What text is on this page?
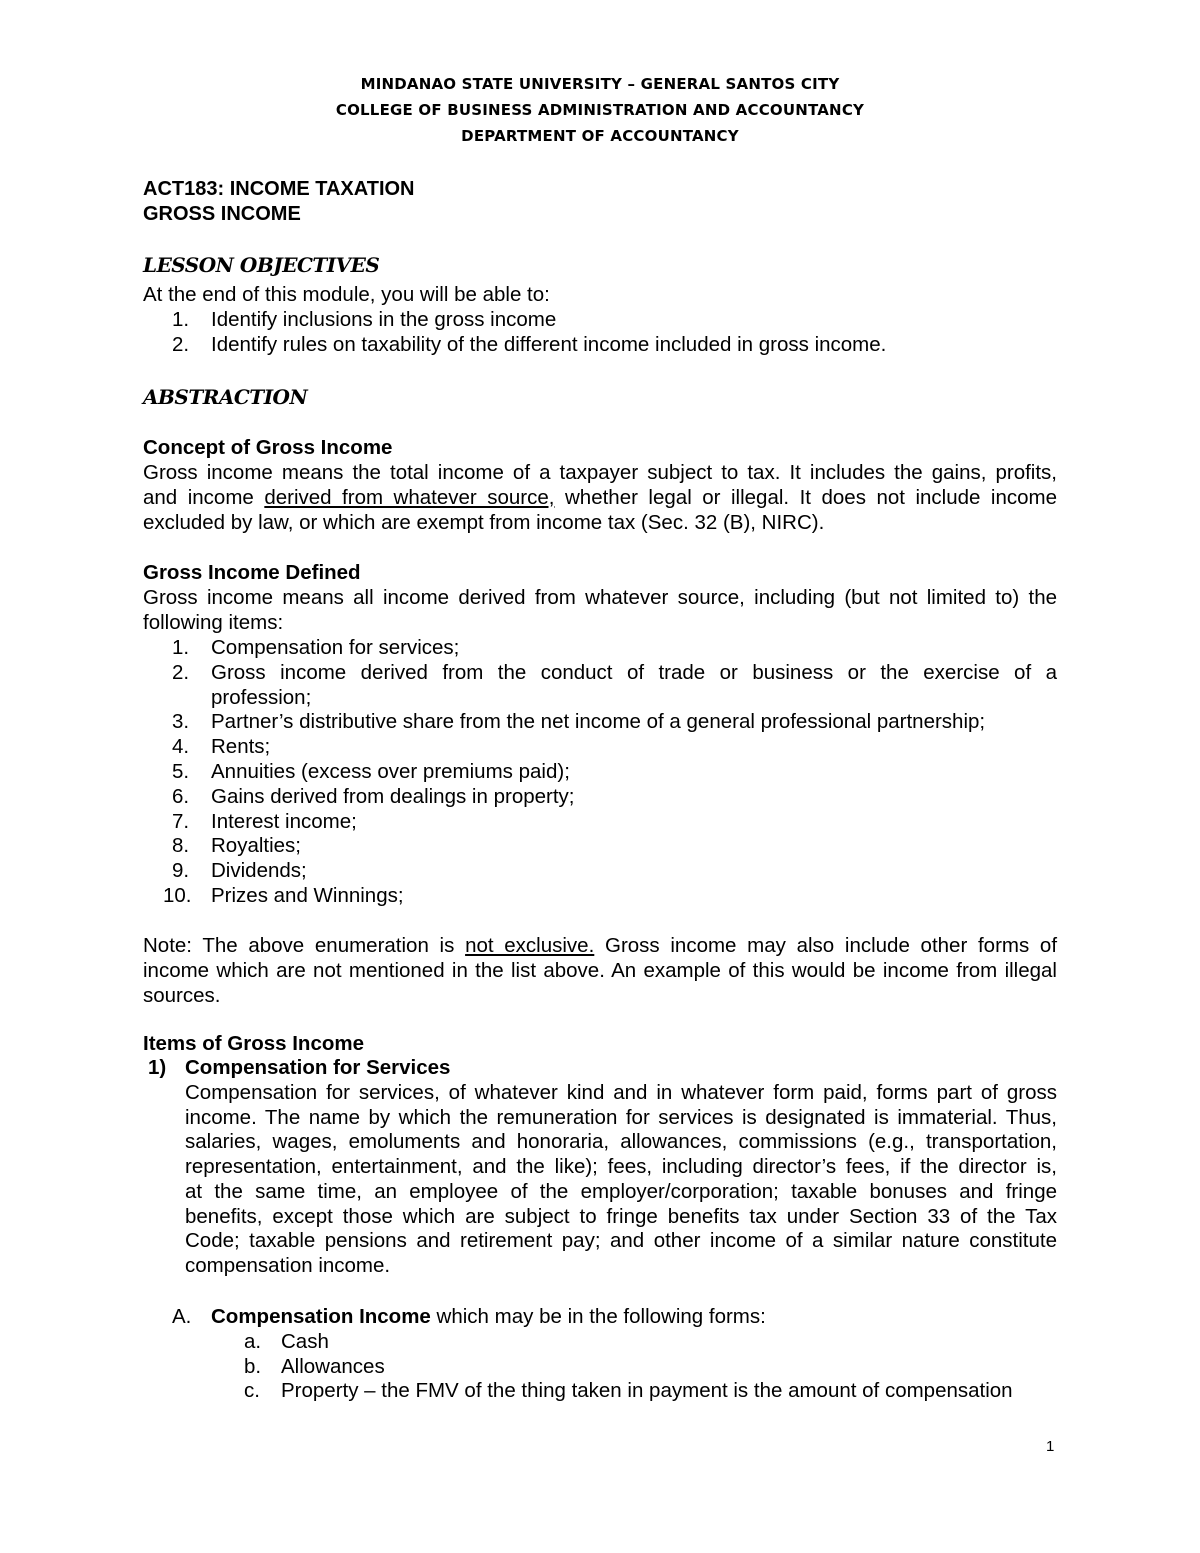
MINDANAO STATE UNIVERSITY – GENERAL SANTOS CITY
COLLEGE OF BUSINESS ADMINISTRATION AND ACCOUNTANCY
DEPARTMENT OF ACCOUNTANCY
ACT183: INCOME TAXATION
GROSS INCOME
LESSON OBJECTIVES
At the end of this module, you will be able to:
1. Identify inclusions in the gross income
2. Identify rules on taxability of the different income included in gross income.
ABSTRACTION
Concept of Gross Income
Gross income means the total income of a taxpayer subject to tax. It includes the gains, profits,
and income derived from whatever source, whether legal or illegal. It does not include income
excluded by law, or which are exempt from income tax (Sec. 32 (B), NIRC).
Gross Income Defined
Gross income means all income derived from whatever source, including (but not limited to) the
following items:
1. Compensation for services;
2. Gross income derived from the conduct of trade or business or the exercise of a
profession;
3. Partner’s distributive share from the net income of a general professional partnership;
4. Rents;
5. Annuities (excess over premiums paid);
6. Gains derived from dealings in property;
7. Interest income;
8. Royalties;
9. Dividends;
10. Prizes and Winnings;
Note: The above enumeration is not exclusive. Gross income may also include other forms of
income which are not mentioned in the list above. An example of this would be income from illegal
sources.
Items of Gross Income
1) Compensation for Services
Compensation for services, of whatever kind and in whatever form paid, forms part of gross
income. The name by which the remuneration for services is designated is immaterial. Thus,
salaries, wages, emoluments and honoraria, allowances, commissions (e.g., transportation,
representation, entertainment, and the like); fees, including director’s fees, if the director is,
at the same time, an employee of the employer/corporation; taxable bonuses and fringe
benefits, except those which are subject to fringe benefits tax under Section 33 of the Tax
Code; taxable pensions and retirement pay; and other income of a similar nature constitute
compensation income.
A. Compensation Income which may be in the following forms:
a. Cash
b. Allowances
c. Property – the FMV of the thing taken in payment is the amount of compensation
1
